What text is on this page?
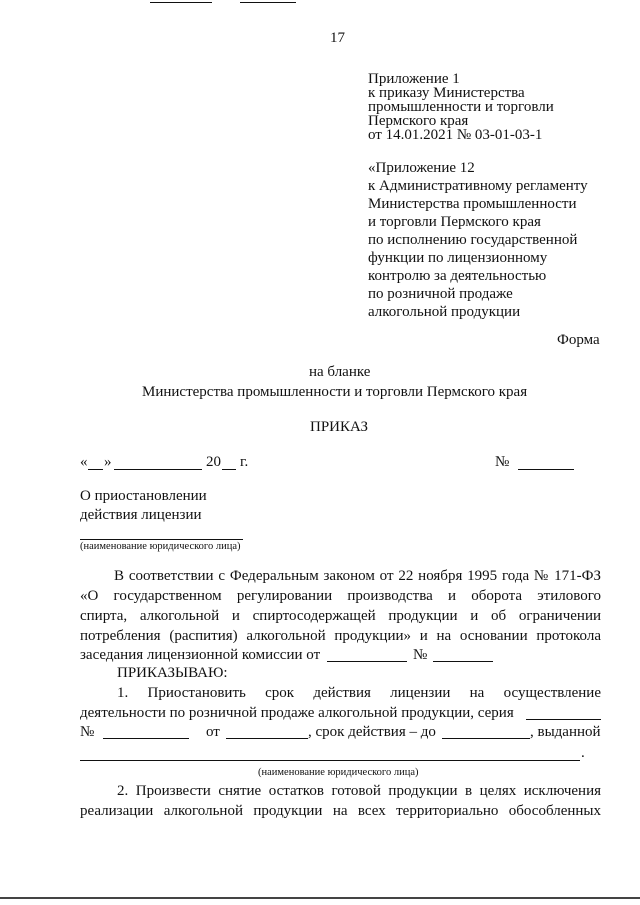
17
Приложение 1
к приказу Министерства
промышленности и торговли
Пермского края
от 14.01.2021 № 03-01-03-1
«Приложение 12
к Административному регламенту
Министерства промышленности
и торговли Пермского края
по исполнению государственной
функции по лицензионному
контролю за деятельностью
по розничной продаже
алкогольной продукции
Форма
на бланке
Министерства промышленности и торговли Пермского края
ПРИКАЗ
« »	20 г.	№
О приостановлении
действия лицензии
(наименование юридического лица)
В соответствии с Федеральным законом от 22 ноября 1995 года № 171-ФЗ
«О государственном регулировании производства и оборота этилового
спирта, алкогольной и спиртосодержащей продукции и об ограничении
потребления (распития) алкогольной продукции» и на основании протокола
заседания лицензионной комиссии от	№
ПРИКАЗЫВАЮ:
1. Приостановить срок действия лицензии на осуществление
деятельности по розничной продаже алкогольной продукции, серия
№	от	, срок действия – до	, выданной
.
(наименование юридического лица)
2. Произвести снятие остатков готовой продукции в целях исключения
реализации алкогольной продукции на всех территориально обособленных
